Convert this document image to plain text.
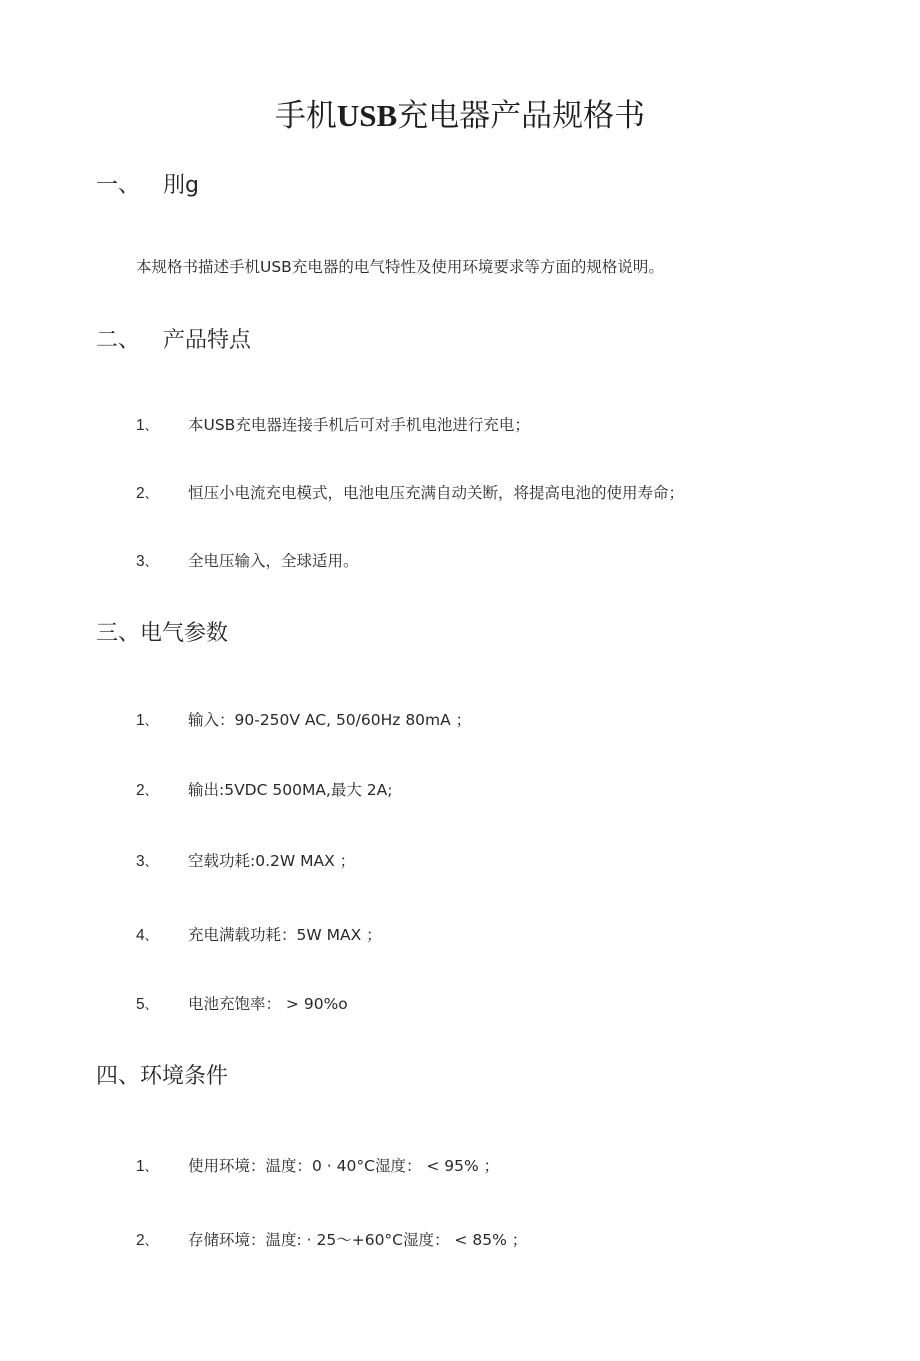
手机USB充电器产品规格书
一、 刖g

本规格书描述手机USB充电器的电气特性及使用环境要求等方面的规格说明。

二、 产品特点
1、 本USB充电器连接手机后可对手机电池进行充电；
2、 恒压小电流充电模式，电池电压充满自动关断，将提高电池的使用寿命；
3、 全电压输入，全球适用。
三、电气参数
1、 输入：90-250V AC, 50/60Hz 80mA ；
2、 输出:5VDC 500MA,最大 2A;
3、 空载功耗:0.2W MAX ；
4、 充电满载功耗：5W MAX ；
5、 电池充饱率： > 90%o
四、环境条件
1、 使用环境：温度：0 · 40°C湿度： < 95% ；
2、 存储环境：温度: · 25～+60°C湿度： < 85% ；
